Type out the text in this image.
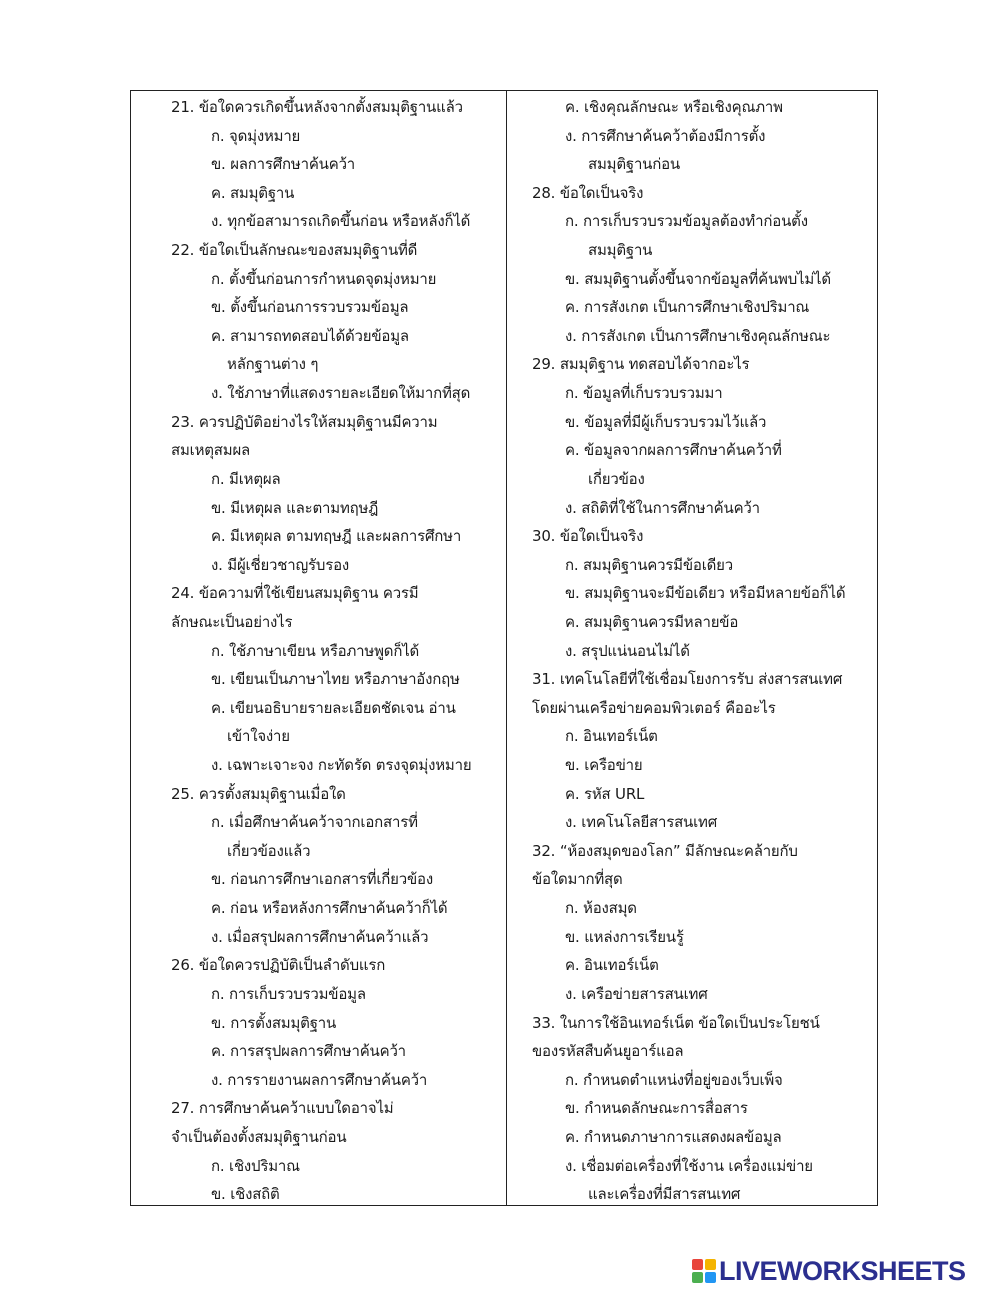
21. ข้อใดควรเกิดขึ้นหลังจากตั้งสมมุติฐานแล้ว
ก. จุดมุ่งหมาย
ข. ผลการศึกษาค้นคว้า
ค. สมมุติฐาน
ง. ทุกข้อสามารถเกิดขึ้นก่อน หรือหลังก็ได้
22. ข้อใดเป็นลักษณะของสมมุติฐานที่ดี
ก. ตั้งขึ้นก่อนการกำหนดจุดมุ่งหมาย
ข. ตั้งขึ้นก่อนการรวบรวมข้อมูล
ค. สามารถทดสอบได้ด้วยข้อมูล
หลักฐานต่าง ๆ
ง. ใช้ภาษาที่แสดงรายละเอียดให้มากที่สุด
23. ควรปฏิบัติอย่างไรให้สมมุติฐานมีความ
สมเหตุสมผล
ก. มีเหตุผล
ข. มีเหตุผล และตามทฤษฎี
ค. มีเหตุผล ตามทฤษฎี และผลการศึกษา
ง. มีผู้เชี่ยวชาญรับรอง
24. ข้อความที่ใช้เขียนสมมุติฐาน ควรมี
ลักษณะเป็นอย่างไร
ก. ใช้ภาษาเขียน หรือภาษพูดก็ได้
ข. เขียนเป็นภาษาไทย หรือภาษาอังกฤษ
ค. เขียนอธิบายรายละเอียดชัดเจน อ่าน
เข้าใจง่าย
ง. เฉพาะเจาะจง กะทัดรัด ตรงจุดมุ่งหมาย
25. ควรตั้งสมมุติฐานเมื่อใด
ก. เมื่อศึกษาค้นคว้าจากเอกสารที่
เกี่ยวข้องแล้ว
ข. ก่อนการศึกษาเอกสารที่เกี่ยวข้อง
ค. ก่อน หรือหลังการศึกษาค้นคว้าก็ได้
ง. เมื่อสรุปผลการศึกษาค้นคว้าแล้ว
26. ข้อใดควรปฏิบัติเป็นลำดับแรก
ก. การเก็บรวบรวมข้อมูล
ข. การตั้งสมมุติฐาน
ค. การสรุปผลการศึกษาค้นคว้า
ง. การรายงานผลการศึกษาค้นคว้า
27. การศึกษาค้นคว้าแบบใดอาจไม่
จำเป็นต้องตั้งสมมุติฐานก่อน
ก. เชิงปริมาณ
ข. เชิงสถิติ
ค. เชิงคุณลักษณะ หรือเชิงคุณภาพ
ง. การศึกษาค้นคว้าต้องมีการตั้ง
สมมุติฐานก่อน
28. ข้อใดเป็นจริง
ก. การเก็บรวบรวมข้อมูลต้องทำก่อนตั้ง
สมมุติฐาน
ข. สมมุติฐานตั้งขึ้นจากข้อมูลที่ค้นพบไม่ได้
ค. การสังเกต เป็นการศึกษาเชิงปริมาณ
ง. การสังเกต เป็นการศึกษาเชิงคุณลักษณะ
29. สมมุติฐาน ทดสอบได้จากอะไร
ก. ข้อมูลที่เก็บรวบรวมมา
ข. ข้อมูลที่มีผู้เก็บรวบรวมไว้แล้ว
ค. ข้อมูลจากผลการศึกษาค้นคว้าที่
เกี่ยวข้อง
ง. สถิติที่ใช้ในการศึกษาค้นคว้า
30. ข้อใดเป็นจริง
ก. สมมุติฐานควรมีข้อเดียว
ข. สมมุติฐานจะมีข้อเดียว หรือมีหลายข้อก็ได้
ค. สมมุติฐานควรมีหลายข้อ
ง. สรุปแน่นอนไม่ได้
31. เทคโนโลยีที่ใช้เชื่อมโยงการรับ ส่งสารสนเทศ
โดยผ่านเครือข่ายคอมพิวเตอร์ คืออะไร
ก. อินเทอร์เน็ต
ข. เครือข่าย
ค. รหัส URL
ง. เทคโนโลยีสารสนเทศ
32. “ห้องสมุดของโลก” มีลักษณะคล้ายกับ
ข้อใดมากที่สุด
ก. ห้องสมุด
ข. แหล่งการเรียนรู้
ค. อินเทอร์เน็ต
ง. เครือข่ายสารสนเทศ
33. ในการใช้อินเทอร์เน็ต ข้อใดเป็นประโยชน์
ของรหัสสืบค้นยูอาร์แอล
ก. กำหนดตำแหน่งที่อยู่ของเว็บเพ็จ
ข. กำหนดลักษณะการสื่อสาร
ค. กำหนดภาษาการแสดงผลข้อมูล
ง. เชื่อมต่อเครื่องที่ใช้งาน เครื่องแม่ข่าย
และเครื่องที่มีสารสนเทศ
LIVEWORKSHEETS
